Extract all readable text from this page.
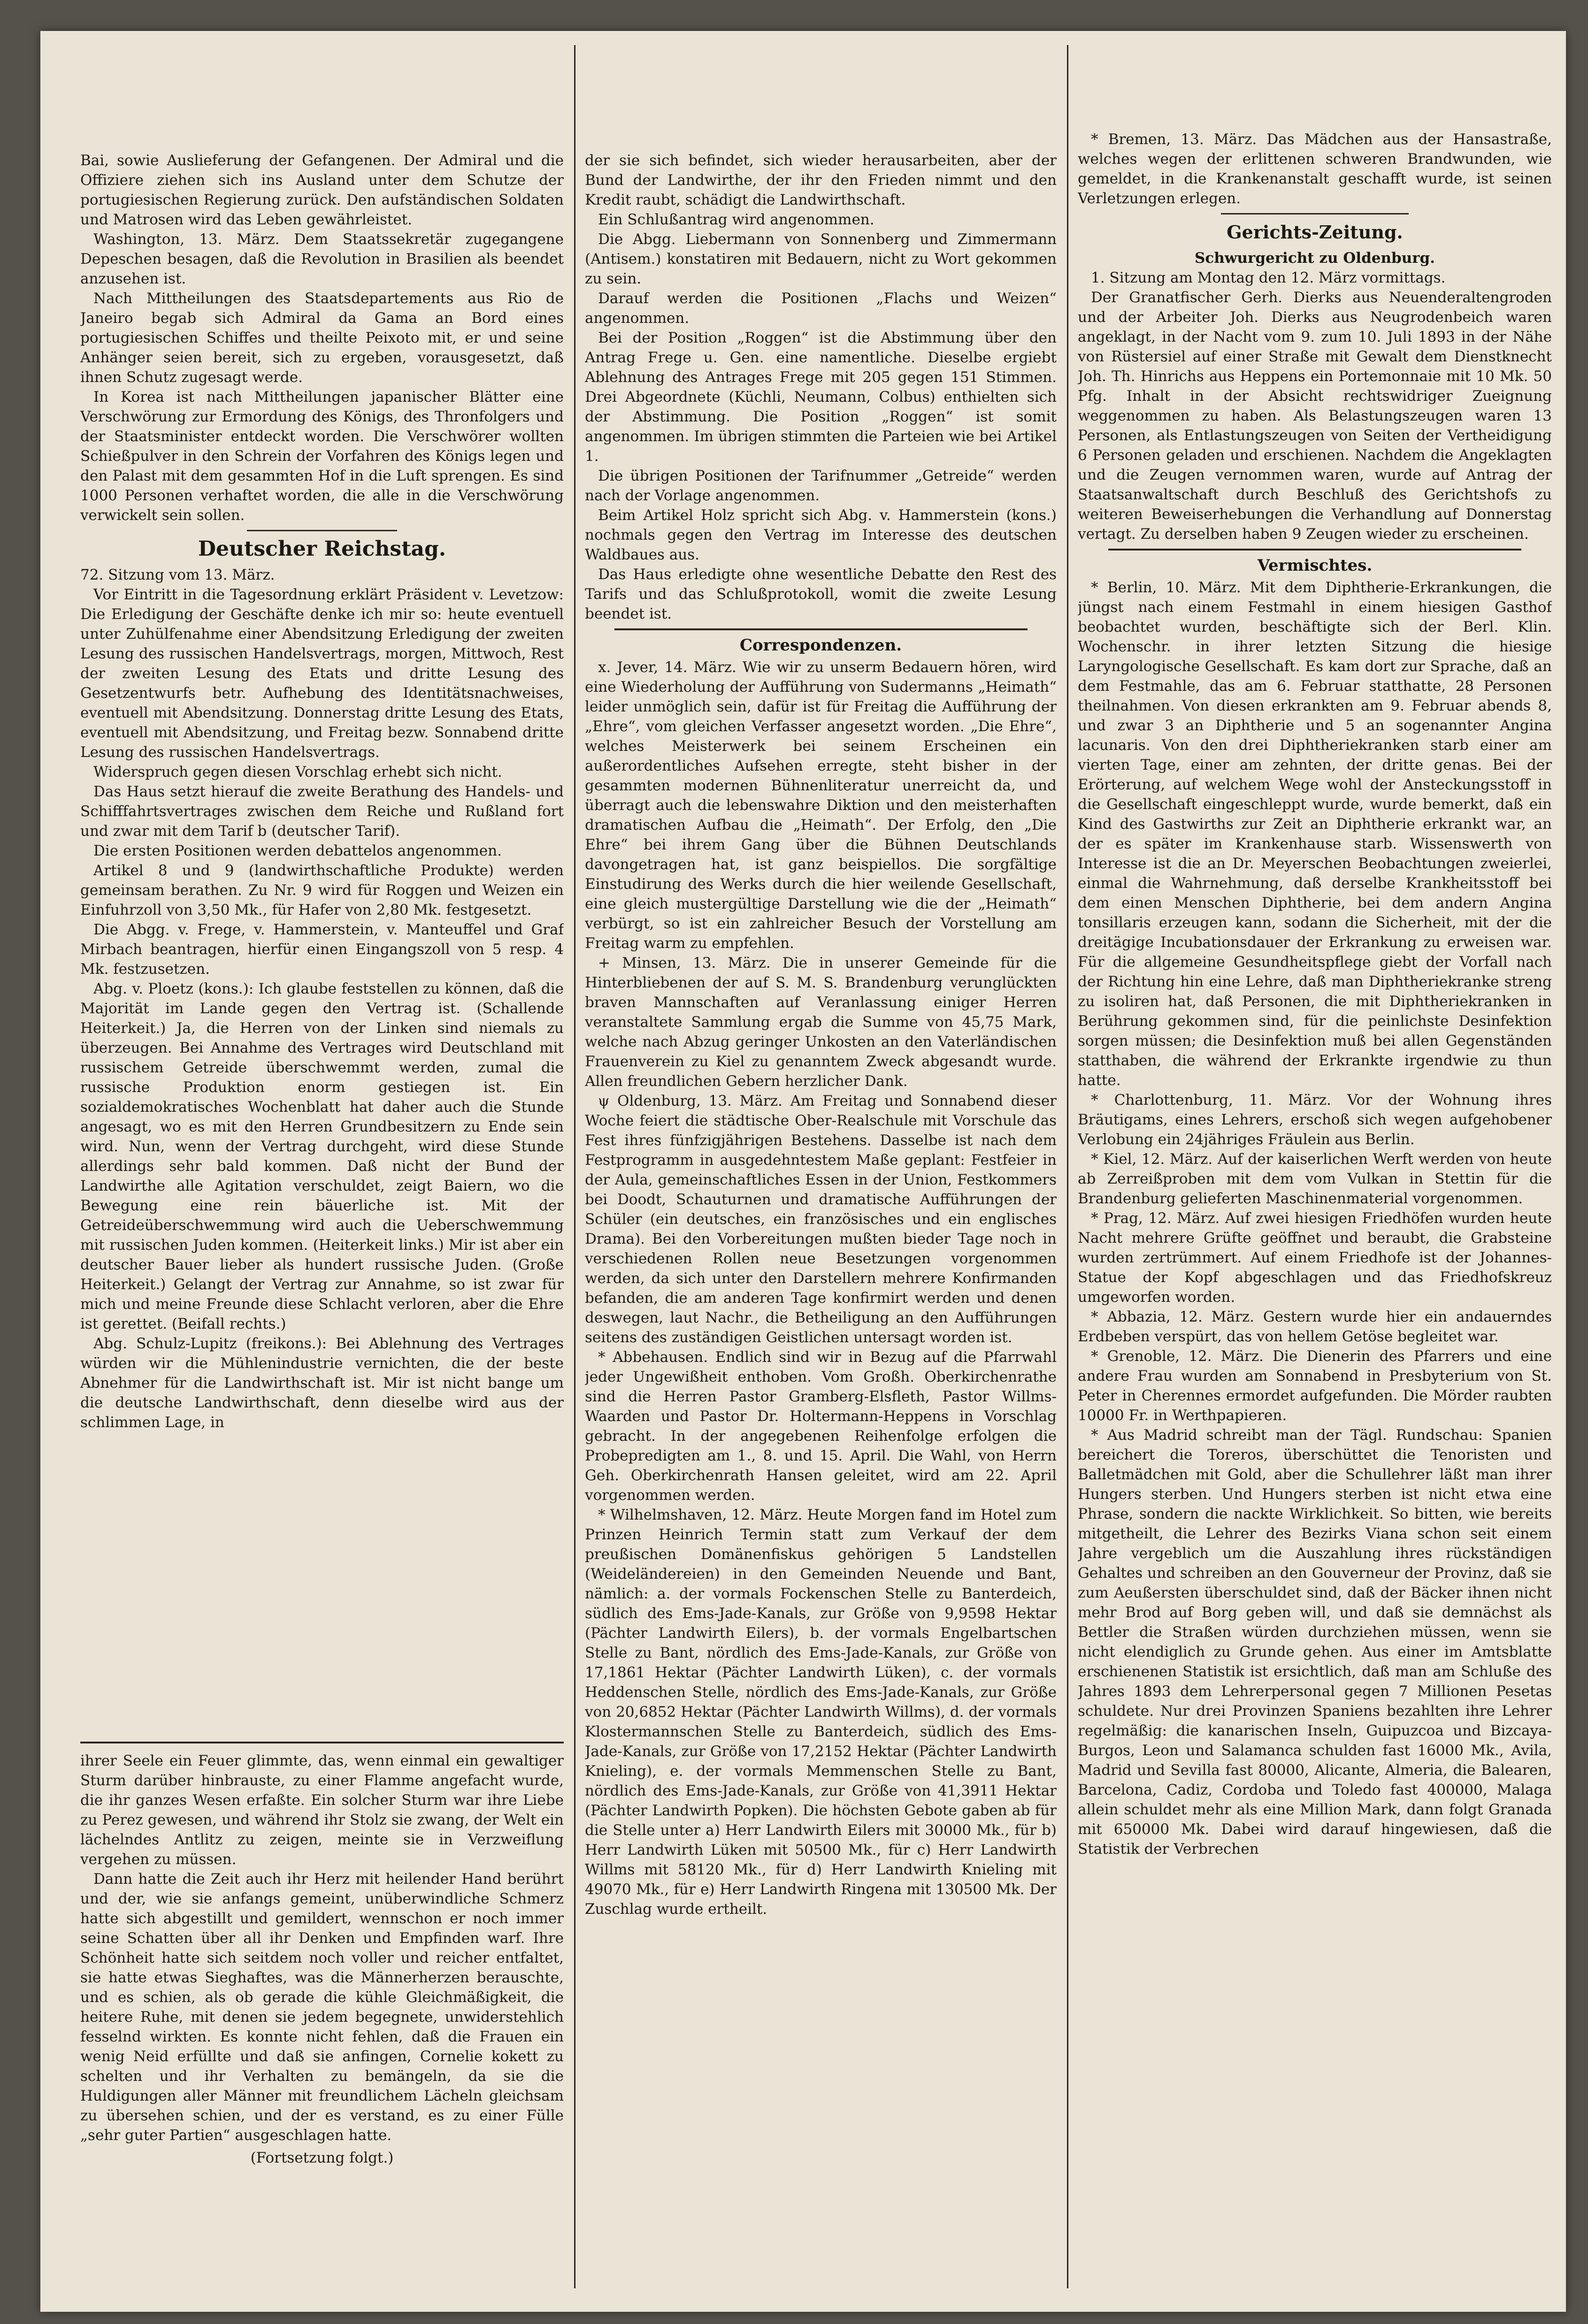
Bai, sowie Auslieferung der Gefangenen. Der Admiral und die Offiziere ziehen sich ins Ausland unter dem Schutze der portugiesischen Regierung zurück. Den aufständischen Soldaten und Matrosen wird das Leben gewährleistet.

Washington, 13. März. Dem Staatssekretär zugegangene Depeschen besagen, daß die Revolution in Brasilien als beendet anzusehen ist.

Nach Mittheilungen des Staatsdepartements aus Rio de Janeiro begab sich Admiral da Gama an Bord eines portugiesischen Schiffes und theilte Peixoto mit, er und seine Anhänger seien bereit, sich zu ergeben, vorausgesetzt, daß ihnen Schutz zugesagt werde.

In Korea ist nach Mittheilungen japanischer Blätter eine Verschwörung zur Ermordung des Königs, des Thronfolgers und der Staatsminister entdeckt worden. Die Verschwörer wollten Schießpulver in den Schrein der Vorfahren des Königs legen und den Palast mit dem gesammten Hof in die Luft sprengen. Es sind 1000 Personen verhaftet worden, die alle in die Verschwörung verwickelt sein sollen.

Deutscher Reichstag.

72. Sitzung vom 13. März.

Vor Eintritt in die Tagesordnung erklärt Präsident v. Levetzow: Die Erledigung der Geschäfte denke ich mir so: heute eventuell unter Zuhülfenahme einer Abendsitzung Erledigung der zweiten Lesung des russischen Handelsvertrags, morgen, Mittwoch, Rest der zweiten Lesung des Etats und dritte Lesung des Gesetzentwurfs betr. Aufhebung des Identitätsnachweises, eventuell mit Abendsitzung. Donnerstag dritte Lesung des Etats, eventuell mit Abendsitzung, und Freitag bezw. Sonnabend dritte Lesung des russischen Handelsvertrags.

Widerspruch gegen diesen Vorschlag erhebt sich nicht.

Das Haus setzt hierauf die zweite Berathung des Handels- und Schifffahrtsvertrages zwischen dem Reiche und Rußland fort und zwar mit dem Tarif b (deutscher Tarif).

Die ersten Positionen werden debattelos angenommen.

Artikel 8 und 9 (landwirthschaftliche Produkte) werden gemeinsam berathen. Zu Nr. 9 wird für Roggen und Weizen ein Einfuhrzoll von 3,50 Mk., für Hafer von 2,80 Mk. festgesetzt.

Die Abgg. v. Frege, v. Hammerstein, v. Manteuffel und Graf Mirbach beantragen, hierfür einen Eingangszoll von 5 resp. 4 Mk. festzusetzen.

Abg. v. Ploetz (kons.): Ich glaube feststellen zu können, daß die Majorität im Lande gegen den Vertrag ist. (Schallende Heiterkeit.) Ja, die Herren von der Linken sind niemals zu überzeugen. Bei Annahme des Vertrages wird Deutschland mit russischem Getreide überschwemmt werden, zumal die russische Produktion enorm gestiegen ist. Ein sozialdemokratisches Wochenblatt hat daher auch die Stunde angesagt, wo es mit den Herren Grundbesitzern zu Ende sein wird. Nun, wenn der Vertrag durchgeht, wird diese Stunde allerdings sehr bald kommen. Daß nicht der Bund der Landwirthe alle Agitation verschuldet, zeigt Baiern, wo die Bewegung eine rein bäuerliche ist. Mit der Getreideüberschwemmung wird auch die Ueberschwemmung mit russischen Juden kommen. (Heiterkeit links.) Mir ist aber ein deutscher Bauer lieber als hundert russische Juden. (Große Heiterkeit.) Gelangt der Vertrag zur Annahme, so ist zwar für mich und meine Freunde diese Schlacht verloren, aber die Ehre ist gerettet. (Beifall rechts.)

Abg. Schulz-Lupitz (freikons.): Bei Ablehnung des Vertrages würden wir die Mühlenindustrie vernichten, die der beste Abnehmer für die Landwirthschaft ist. Mir ist nicht bange um die deutsche Landwirthschaft, denn dieselbe wird aus der schlimmen Lage, in

ihrer Seele ein Feuer glimmte, das, wenn einmal ein gewaltiger Sturm darüber hinbrauste, zu einer Flamme angefacht wurde, die ihr ganzes Wesen erfaßte. Ein solcher Sturm war ihre Liebe zu Perez gewesen, und während ihr Stolz sie zwang, der Welt ein lächelndes Antlitz zu zeigen, meinte sie in Verzweiflung vergehen zu müssen.

Dann hatte die Zeit auch ihr Herz mit heilender Hand berührt und der, wie sie anfangs gemeint, unüberwindliche Schmerz hatte sich abgestillt und gemildert, wennschon er noch immer seine Schatten über all ihr Denken und Empfinden warf. Ihre Schönheit hatte sich seitdem noch voller und reicher entfaltet, sie hatte etwas Sieghaftes, was die Männerherzen berauschte, und es schien, als ob gerade die kühle Gleichmäßigkeit, die heitere Ruhe, mit denen sie jedem begegnete, unwiderstehlich fesselnd wirkten. Es konnte nicht fehlen, daß die Frauen ein wenig Neid erfüllte und daß sie anfingen, Cornelie kokett zu schelten und ihr Verhalten zu bemängeln, da sie die Huldigungen aller Männer mit freundlichem Lächeln gleichsam zu übersehen schien, und der es verstand, es zu einer Fülle „sehr guter Partien“ ausgeschlagen hatte.

(Fortsetzung folgt.)

der sie sich befindet, sich wieder herausarbeiten, aber der Bund der Landwirthe, der ihr den Frieden nimmt und den Kredit raubt, schädigt die Landwirthschaft.

Ein Schlußantrag wird angenommen.

Die Abgg. Liebermann von Sonnenberg und Zimmermann (Antisem.) konstatiren mit Bedauern, nicht zu Wort gekommen zu sein.

Darauf werden die Positionen „Flachs und Weizen“ angenommen.

Bei der Position „Roggen“ ist die Abstimmung über den Antrag Frege u. Gen. eine namentliche. Dieselbe ergiebt Ablehnung des Antrages Frege mit 205 gegen 151 Stimmen. Drei Abgeordnete (Küchli, Neumann, Colbus) enthielten sich der Abstimmung. Die Position „Roggen“ ist somit angenommen. Im übrigen stimmten die Parteien wie bei Artikel 1.

Die übrigen Positionen der Tarifnummer „Getreide“ werden nach der Vorlage angenommen.

Beim Artikel Holz spricht sich Abg. v. Hammerstein (kons.) nochmals gegen den Vertrag im Interesse des deutschen Waldbaues aus.

Das Haus erledigte ohne wesentliche Debatte den Rest des Tarifs und das Schlußprotokoll, womit die zweite Lesung beendet ist.

Correspondenzen.

x. Jever, 14. März. Wie wir zu unserm Bedauern hören, wird eine Wiederholung der Aufführung von Sudermanns „Heimath“ leider unmöglich sein, dafür ist für Freitag die Aufführung der „Ehre“, vom gleichen Verfasser angesetzt worden. „Die Ehre“, welches Meisterwerk bei seinem Erscheinen ein außerordentliches Aufsehen erregte, steht bisher in der gesammten modernen Bühnenliteratur unerreicht da, und überragt auch die lebenswahre Diktion und den meisterhaften dramatischen Aufbau die „Heimath“. Der Erfolg, den „Die Ehre“ bei ihrem Gang über die Bühnen Deutschlands davongetragen hat, ist ganz beispiellos. Die sorgfältige Einstudirung des Werks durch die hier weilende Gesellschaft, eine gleich mustergültige Darstellung wie die der „Heimath“ verbürgt, so ist ein zahlreicher Besuch der Vorstellung am Freitag warm zu empfehlen.

+ Minsen, 13. März. Die in unserer Gemeinde für die Hinterbliebenen der auf S. M. S. Brandenburg verunglückten braven Mannschaften auf Veranlassung einiger Herren veranstaltete Sammlung ergab die Summe von 45,75 Mark, welche nach Abzug geringer Unkosten an den Vaterländischen Frauenverein zu Kiel zu genanntem Zweck abgesandt wurde. Allen freundlichen Gebern herzlicher Dank.

ψ Oldenburg, 13. März. Am Freitag und Sonnabend dieser Woche feiert die städtische Ober-Realschule mit Vorschule das Fest ihres fünfzigjährigen Bestehens. Dasselbe ist nach dem Festprogramm in ausgedehntestem Maße geplant: Festfeier in der Aula, gemeinschaftliches Essen in der Union, Festkommers bei Doodt, Schauturnen und dramatische Aufführungen der Schüler (ein deutsches, ein französisches und ein englisches Drama). Bei den Vorbereitungen mußten bieder Tage noch in verschiedenen Rollen neue Besetzungen vorgenommen werden, da sich unter den Darstellern mehrere Konfirmanden befanden, die am anderen Tage konfirmirt werden und denen deswegen, laut Nachr., die Betheiligung an den Aufführungen seitens des zuständigen Geistlichen untersagt worden ist.

* Abbehausen. Endlich sind wir in Bezug auf die Pfarrwahl jeder Ungewißheit enthoben. Vom Großh. Oberkirchenrathe sind die Herren Pastor Gramberg-Elsfleth, Pastor Willms-Waarden und Pastor Dr. Holtermann-Heppens in Vorschlag gebracht. In der angegebenen Reihenfolge erfolgen die Probepredigten am 1., 8. und 15. April. Die Wahl, von Herrn Geh. Oberkirchenrath Hansen geleitet, wird am 22. April vorgenommen werden.

* Wilhelmshaven, 12. März. Heute Morgen fand im Hotel zum Prinzen Heinrich Termin statt zum Verkauf der dem preußischen Domänenfiskus gehörigen 5 Landstellen (Weideländereien) in den Gemeinden Neuende und Bant, nämlich: a. der vormals Fockenschen Stelle zu Banterdeich, südlich des Ems-Jade-Kanals, zur Größe von 9,9598 Hektar (Pächter Landwirth Eilers), b. der vormals Engelbartschen Stelle zu Bant, nördlich des Ems-Jade-Kanals, zur Größe von 17,1861 Hektar (Pächter Landwirth Lüken), c. der vormals Heddenschen Stelle, nördlich des Ems-Jade-Kanals, zur Größe von 20,6852 Hektar (Pächter Landwirth Willms), d. der vormals Klostermannschen Stelle zu Banterdeich, südlich des Ems-Jade-Kanals, zur Größe von 17,2152 Hektar (Pächter Landwirth Knieling), e. der vormals Memmenschen Stelle zu Bant, nördlich des Ems-Jade-Kanals, zur Größe von 41,3911 Hektar (Pächter Landwirth Popken). Die höchsten Gebote gaben ab für die Stelle unter a) Herr Landwirth Eilers mit 30000 Mk., für b) Herr Landwirth Lüken mit 50500 Mk., für c) Herr Landwirth Willms mit 58120 Mk., für d) Herr Landwirth Knieling mit 49070 Mk., für e) Herr Landwirth Ringena mit 130500 Mk. Der Zuschlag wurde ertheilt.

* Bremen, 13. März. Das Mädchen aus der Hansastraße, welches wegen der erlittenen schweren Brandwunden, wie gemeldet, in die Krankenanstalt geschafft wurde, ist seinen Verletzungen erlegen.

Gerichts-Zeitung.
Schwurgericht zu Oldenburg.

1. Sitzung am Montag den 12. März vormittags.

Der Granatfischer Gerh. Dierks aus Neuenderaltengroden und der Arbeiter Joh. Dierks aus Neugrodenbeich waren angeklagt, in der Nacht vom 9. zum 10. Juli 1893 in der Nähe von Rüstersiel auf einer Straße mit Gewalt dem Dienstknecht Joh. Th. Hinrichs aus Heppens ein Portemonnaie mit 10 Mk. 50 Pfg. Inhalt in der Absicht rechtswidriger Zueignung weggenommen zu haben. Als Belastungszeugen waren 13 Personen, als Entlastungszeugen von Seiten der Vertheidigung 6 Personen geladen und erschienen. Nachdem die Angeklagten und die Zeugen vernommen waren, wurde auf Antrag der Staatsanwaltschaft durch Beschluß des Gerichtshofs zu weiteren Beweiserhebungen die Verhandlung auf Donnerstag vertagt. Zu derselben haben 9 Zeugen wieder zu erscheinen.

Vermischtes.

* Berlin, 10. März. Mit dem Diphtherie-Erkrankungen, die jüngst nach einem Festmahl in einem hiesigen Gasthof beobachtet wurden, beschäftigte sich der Berl. Klin. Wochenschr. in ihrer letzten Sitzung die hiesige Laryngologische Gesellschaft. Es kam dort zur Sprache, daß an dem Festmahle, das am 6. Februar statthatte, 28 Personen theilnahmen. Von diesen erkrankten am 9. Februar abends 8, und zwar 3 an Diphtherie und 5 an sogenannter Angina lacunaris. Von den drei Diphtheriekranken starb einer am vierten Tage, einer am zehnten, der dritte genas. Bei der Erörterung, auf welchem Wege wohl der Ansteckungsstoff in die Gesellschaft eingeschleppt wurde, wurde bemerkt, daß ein Kind des Gastwirths zur Zeit an Diphtherie erkrankt war, an der es später im Krankenhause starb. Wissenswerth von Interesse ist die an Dr. Meyerschen Beobachtungen zweierlei, einmal die Wahrnehmung, daß derselbe Krankheitsstoff bei dem einen Menschen Diphtherie, bei dem andern Angina tonsillaris erzeugen kann, sodann die Sicherheit, mit der die dreitägige Incubationsdauer der Erkrankung zu erweisen war. Für die allgemeine Gesundheitspflege giebt der Vorfall nach der Richtung hin eine Lehre, daß man Diphtheriekranke streng zu isoliren hat, daß Personen, die mit Diphtheriekranken in Berührung gekommen sind, für die peinlichste Desinfektion sorgen müssen; die Desinfektion muß bei allen Gegenständen statthaben, die während der Erkrankte irgendwie zu thun hatte.

* Charlottenburg, 11. März. Vor der Wohnung ihres Bräutigams, eines Lehrers, erschoß sich wegen aufgehobener Verlobung ein 24jähriges Fräulein aus Berlin.

* Kiel, 12. März. Auf der kaiserlichen Werft werden von heute ab Zerreißproben mit dem vom Vulkan in Stettin für die Brandenburg gelieferten Maschinenmaterial vorgenommen.

* Prag, 12. März. Auf zwei hiesigen Friedhöfen wurden heute Nacht mehrere Grüfte geöffnet und beraubt, die Grabsteine wurden zertrümmert. Auf einem Friedhofe ist der Johannes-Statue der Kopf abgeschlagen und das Friedhofskreuz umgeworfen worden.

* Abbazia, 12. März. Gestern wurde hier ein andauerndes Erdbeben verspürt, das von hellem Getöse begleitet war.

* Grenoble, 12. März. Die Dienerin des Pfarrers und eine andere Frau wurden am Sonnabend in Presbyterium von St. Peter in Cherennes ermordet aufgefunden. Die Mörder raubten 10000 Fr. in Werthpapieren.

* Aus Madrid schreibt man der Tägl. Rundschau: Spanien bereichert die Toreros, überschüttet die Tenoristen und Balletmädchen mit Gold, aber die Schullehrer läßt man ihrer Hungers sterben. Und Hungers sterben ist nicht etwa eine Phrase, sondern die nackte Wirklichkeit. So bitten, wie bereits mitgetheilt, die Lehrer des Bezirks Viana schon seit einem Jahre vergeblich um die Auszahlung ihres rückständigen Gehaltes und schreiben an den Gouverneur der Provinz, daß sie zum Aeußersten überschuldet sind, daß der Bäcker ihnen nicht mehr Brod auf Borg geben will, und daß sie demnächst als Bettler die Straßen würden durchziehen müssen, wenn sie nicht elendiglich zu Grunde gehen. Aus einer im Amtsblatte erschienenen Statistik ist ersichtlich, daß man am Schluße des Jahres 1893 dem Lehrerpersonal gegen 7 Millionen Pesetas schuldete. Nur drei Provinzen Spaniens bezahlten ihre Lehrer regelmäßig: die kanarischen Inseln, Guipuzcoa und Bizcaya-Burgos, Leon und Salamanca schulden fast 16000 Mk., Avila, Madrid und Sevilla fast 80000, Alicante, Almeria, die Balearen, Barcelona, Cadiz, Cordoba und Toledo fast 400000, Malaga allein schuldet mehr als eine Million Mark, dann folgt Granada mit 650000 Mk. Dabei wird darauf hingewiesen, daß die Statistik der Verbrechen
